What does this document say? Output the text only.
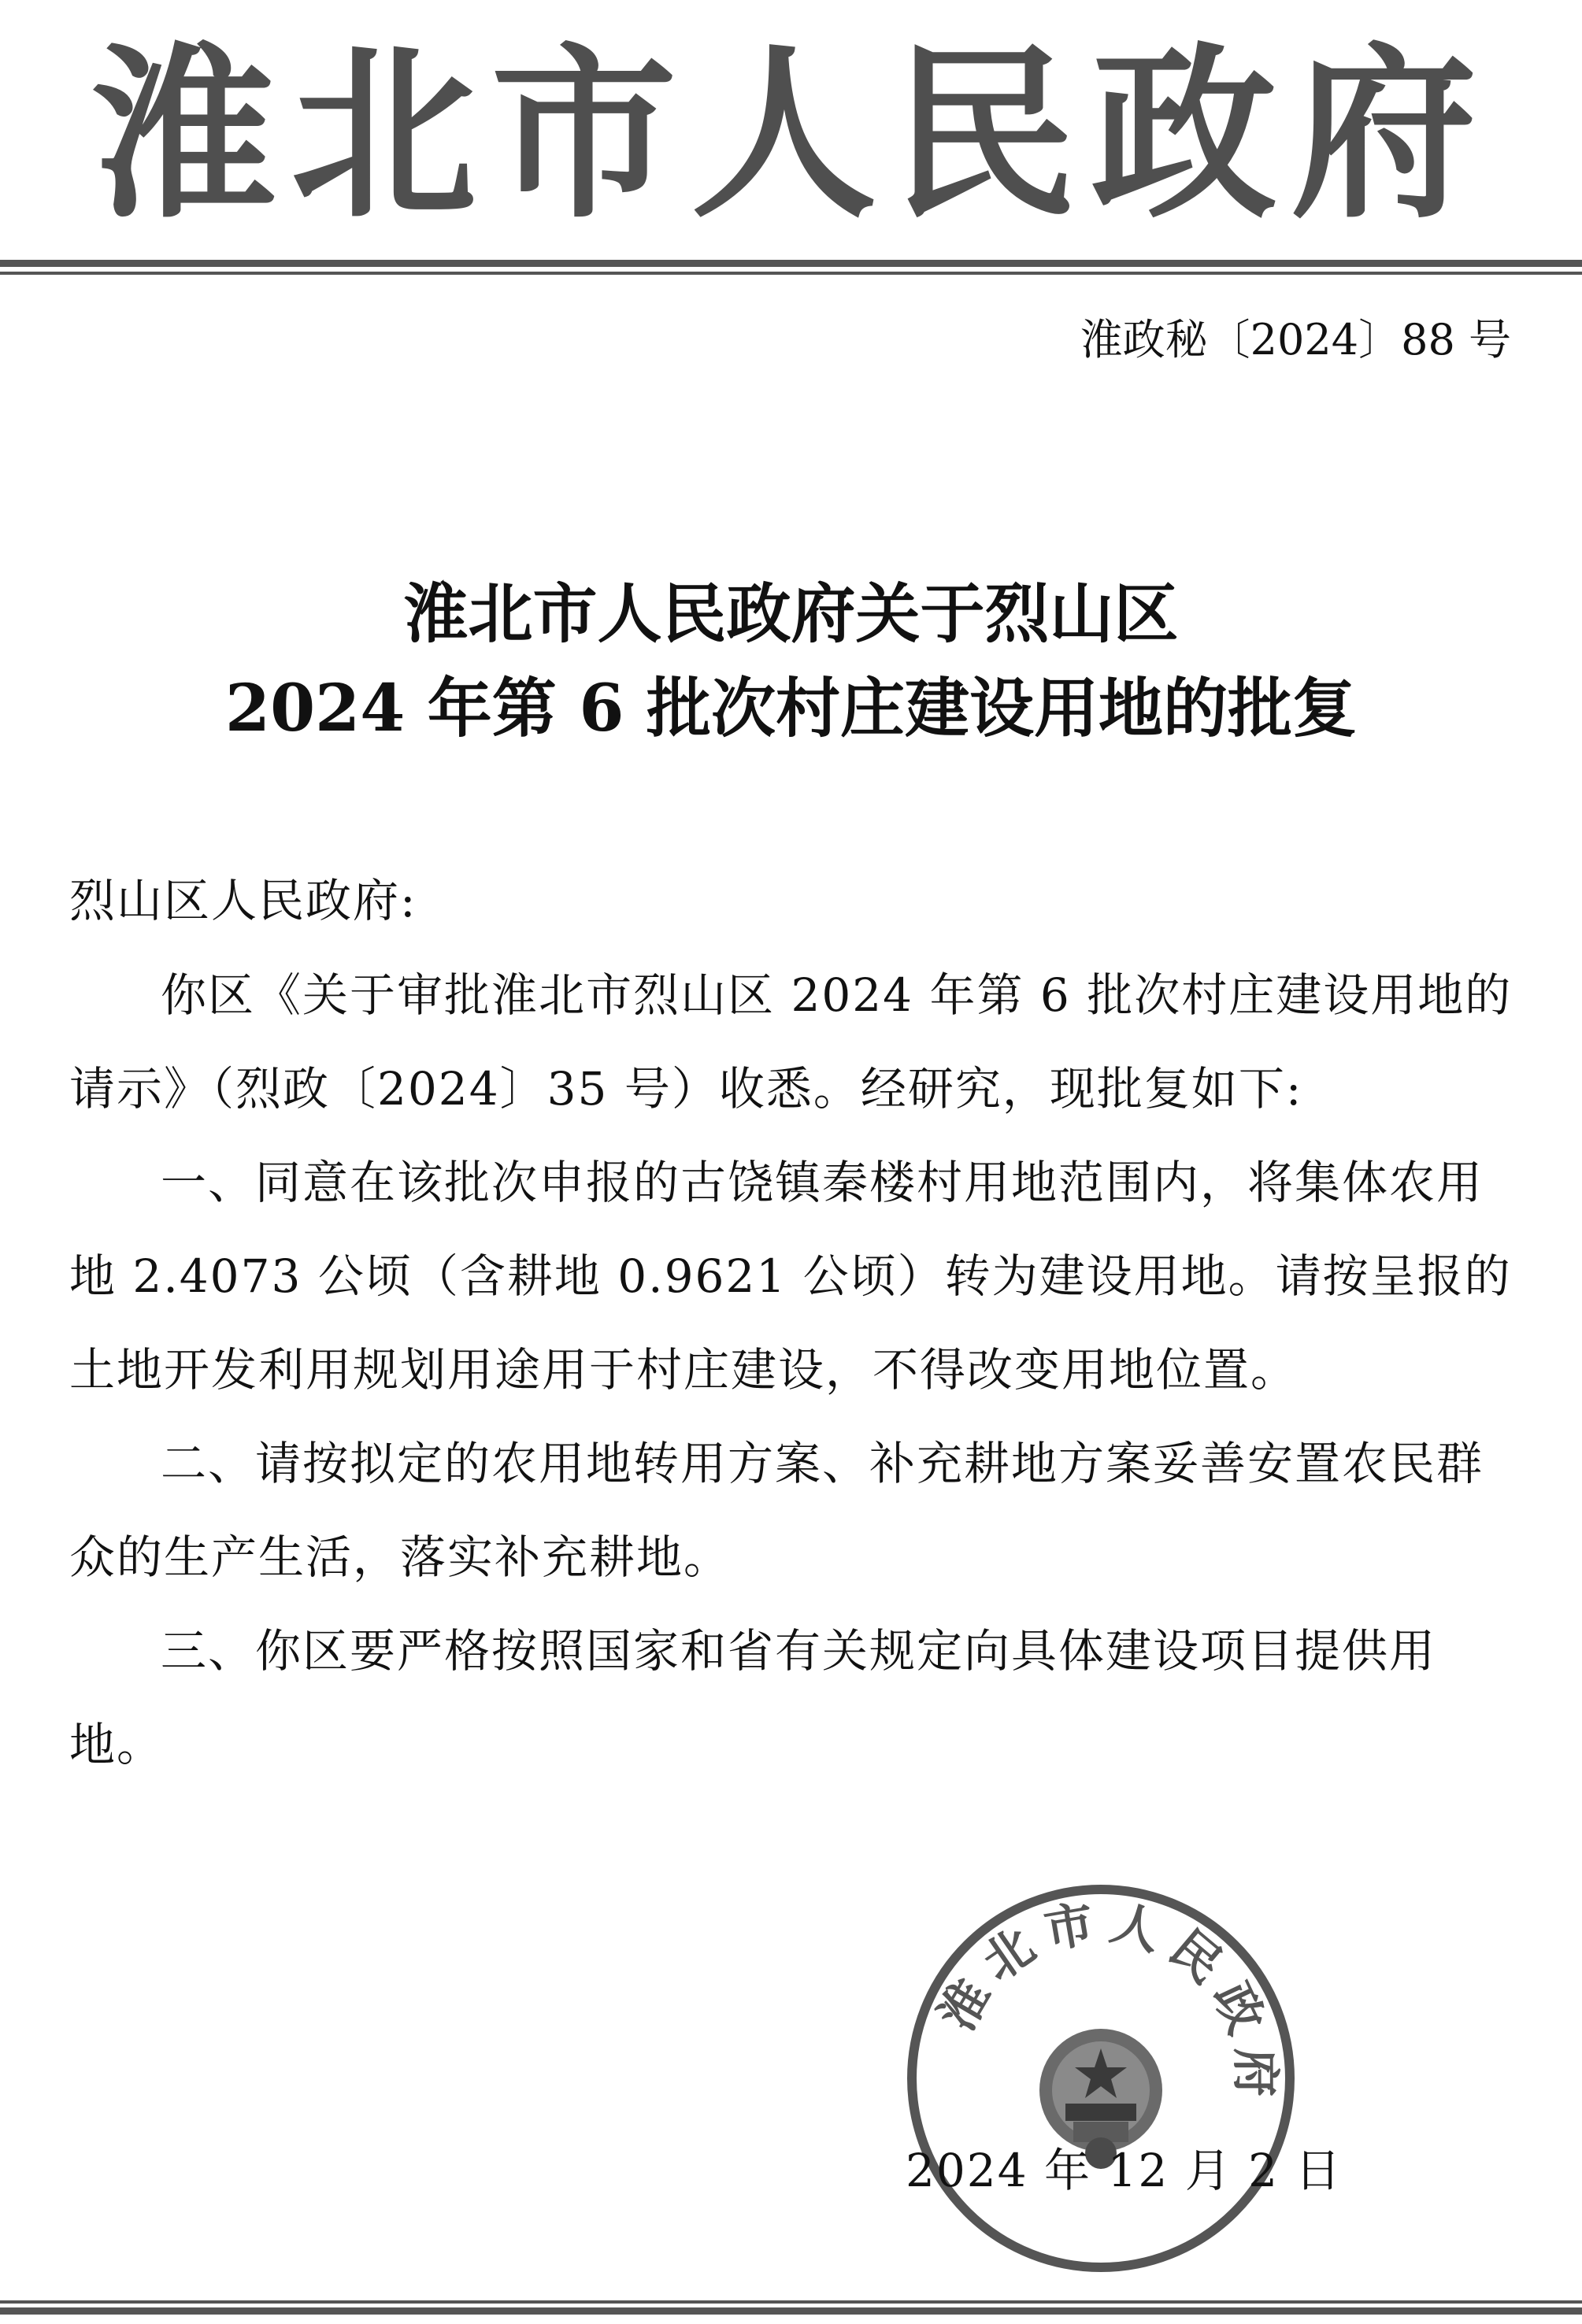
淮北市人民政府
淮政秘〔2024〕88 号
淮北市人民政府关于烈山区
2024 年第 6 批次村庄建设用地的批复
烈山区人民政府:

你区《关于审批淮北市烈山区 2024 年第 6 批次村庄建设用地的请示》（烈政〔2024〕35 号）收悉。经研究，现批复如下:

一、同意在该批次申报的古饶镇秦楼村用地范围内，将集体农用地 2.4073 公顷（含耕地 0.9621 公顷）转为建设用地。请按呈报的土地开发利用规划用途用于村庄建设，不得改变用地位置。

二、请按拟定的农用地转用方案、补充耕地方案妥善安置农民群众的生产生活，落实补充耕地。

三、你区要严格按照国家和省有关规定向具体建设项目提供用地。

淮北市人民政府
2024 年 12 月 2 日
